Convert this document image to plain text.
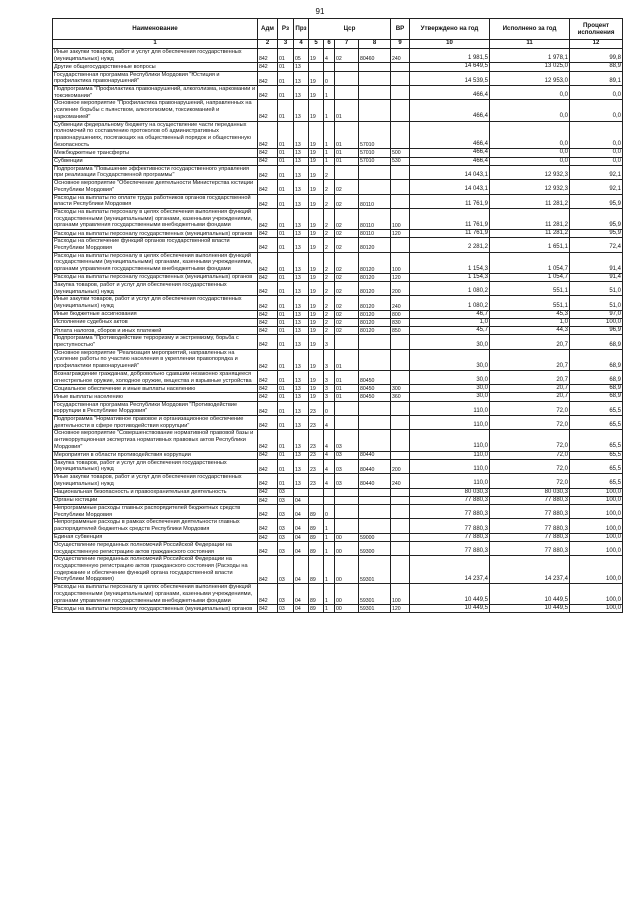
91
Наименование	Адм	Рз	Прз	Цср				ВР	Утверждено на год	Исполнено за год	Процент исполнения
1	2	3	4	5	6	7	8	9	10	11	12
Иные закупки товаров, работ и услуг для обеспечения государственных (муниципальных) нужд	842	01	05	19	4	02	80460	240	1 981,5	1 978,1	99,8
Другие общегосударственные вопросы	842	01	13						14 649,5	13 025,0	88,9
Государственная программа Республики Мордовия "Юстиция и профилактика правонарушений"	842	01	13	19	0				14 539,5	12 953,0	89,1
Подпрограмма "Профилактика правонарушений, алкоголизма, наркомании и токсикомании"	842	01	13	19	1				466,4	0,0	0,0
Основное мероприятие "Профилактика правонарушений, направленных на усиление борьбы с пьянством, алкоголизмом, токсикоманией и наркоманией"	842	01	13	19	1	01			466,4	0,0	0,0
Субвенции федеральному бюджету на осуществление части переданных полномочий по составлению протоколов об административных правонарушениях, посягающих на общественный порядок и общественную безопасность	842	01	13	19	1	01	57010		466,4	0,0	0,0
Межбюджетные трансферты	842	01	13	19	1	01	57010	500	466,4	0,0	0,0
Субвенции	842	01	13	19	1	01	57010	530	466,4	0,0	0,0
Подпрограмма "Повышение эффективности государственного управления при реализации Государственной программы"	842	01	13	19	2				14 043,1	12 932,3	92,1
Основное мероприятие "Обеспечение деятельности Министерства юстиции Республики Мордовия"	842	01	13	19	2	02			14 043,1	12 932,3	92,1
Расходы на выплаты по оплате труда работников органов государственной власти Республики Мордовия	842	01	13	19	2	02	80110		11 761,9	11 281,2	95,9
Расходы на выплаты персоналу в целях обеспечения выполнения функций государственными (муниципальными) органами, казенными учреждениями, органами управления государственными внебюджетными фондами	842	01	13	19	2	02	80110	100	11 761,9	11 281,2	95,9
Расходы на выплаты персоналу государственных (муниципальных) органов	842	01	13	19	2	02	80110	120	11 761,9	11 281,2	95,9
Расходы на обеспечение функций органов государственной власти Республики Мордовия	842	01	13	19	2	02	80120		2 281,2	1 651,1	72,4
Расходы на выплаты персоналу в целях обеспечения выполнения функций государственными (муниципальными) органами, казенными учреждениями, органами управления государственными внебюджетными фондами	842	01	13	19	2	02	80120	100	1 154,3	1 054,7	91,4
Расходы на выплаты персоналу государственных (муниципальных) органов	842	01	13	19	2	02	80120	120	1 154,3	1 054,7	91,4
Закупка товаров, работ и услуг для обеспечения государственных (муниципальных) нужд	842	01	13	19	2	02	80120	200	1 080,2	551,1	51,0
Иные закупки товаров, работ и услуг для обеспечения государственных (муниципальных) нужд	842	01	13	19	2	02	80120	240	1 080,2	551,1	51,0
Иные бюджетные ассигнования	842	01	13	19	2	02	80120	800	46,7	45,3	97,0
Исполнение судебных актов	842	01	13	19	2	02	80120	830	1,0	1,0	100,0
Уплата налогов, сборов и иных платежей	842	01	13	19	2	02	80120	850	45,7	44,3	96,9
Подпрограмма "Противодействие терроризму и экстремизму, борьба с преступностью"	842	01	13	19	3				30,0	20,7	68,9
Основное мероприятие "Реализация мероприятий, направленных на усиление работы по участию населения в укреплении правопорядка и профилактики правонарушений"	842	01	13	19	3	01			30,0	20,7	68,9
Вознаграждение гражданам, добровольно сдавшим незаконно хранящееся огнестрельное оружие, холодное оружие, вещества и взрывные устройства	842	01	13	19	3	01	80450		30,0	20,7	68,9
Социальное обеспечение и иные выплаты населению	842	01	13	19	3	01	80450	300	30,0	20,7	68,9
Иные выплаты населению	842	01	13	19	3	01	80450	360	30,0	20,7	68,9
Государственная программа Республики Мордовия "Противодействие коррупции в Республике Мордовия"	842	01	13	23	0				110,0	72,0	65,5
Подпрограмма "Нормативное правовое и организационное обеспечение деятельности в сфере противодействия коррупции"	842	01	13	23	4				110,0	72,0	65,5
Основное мероприятие "Совершенствование нормативной правовой базы и антикоррупционная экспертиза нормативных правовых актов Республики Мордовия"	842	01	13	23	4	03			110,0	72,0	65,5
Мероприятия в области противодействия коррупции	842	01	13	23	4	03	80440		110,0	72,0	65,5
Закупка товаров, работ и услуг для обеспечения государственных (муниципальных) нужд	842	01	13	23	4	03	80440	200	110,0	72,0	65,5
Иные закупки товаров, работ и услуг для обеспечения государственных (муниципальных) нужд	842	01	13	23	4	03	80440	240	110,0	72,0	65,5
Национальная безопасность и правоохранительная деятельность	842	03							80 030,3	80 030,3	100,0
Органы юстиции	842	03	04						77 880,3	77 880,3	100,0
Непрограммные расходы главных распорядителей бюджетных средств Республики Мордовия	842	03	04	89	0				77 880,3	77 880,3	100,0
Непрограммные расходы в рамках обеспечения деятельности главных распорядителей бюджетных средств Республики Мордовия	842	03	04	89	1				77 880,3	77 880,3	100,0
Единая субвенция	842	03	04	89	1	00	59000		77 880,3	77 880,3	100,0
Осуществление переданных полномочий Российской Федерации на государственную регистрацию актов гражданского состояния	842	03	04	89	1	00	59300		77 880,3	77 880,3	100,0
Осуществление переданных полномочий Российской Федерации на государственную регистрацию актов гражданского состояния (Расходы на содержание и обеспечение функций органа государственной власти Республики Мордовия)	842	03	04	89	1	00	59301		14 237,4	14 237,4	100,0
Расходы на выплаты персоналу в целях обеспечения выполнения функций государственными (муниципальными) органами, казенными учреждениями, органами управления государственными внебюджетными фондами	842	03	04	89	1	00	59301	100	10 449,5	10 449,5	100,0
Расходы на выплаты персоналу государственных (муниципальных) органов	842	03	04	89	1	00	59301	120	10 449,5	10 449,5	100,0
